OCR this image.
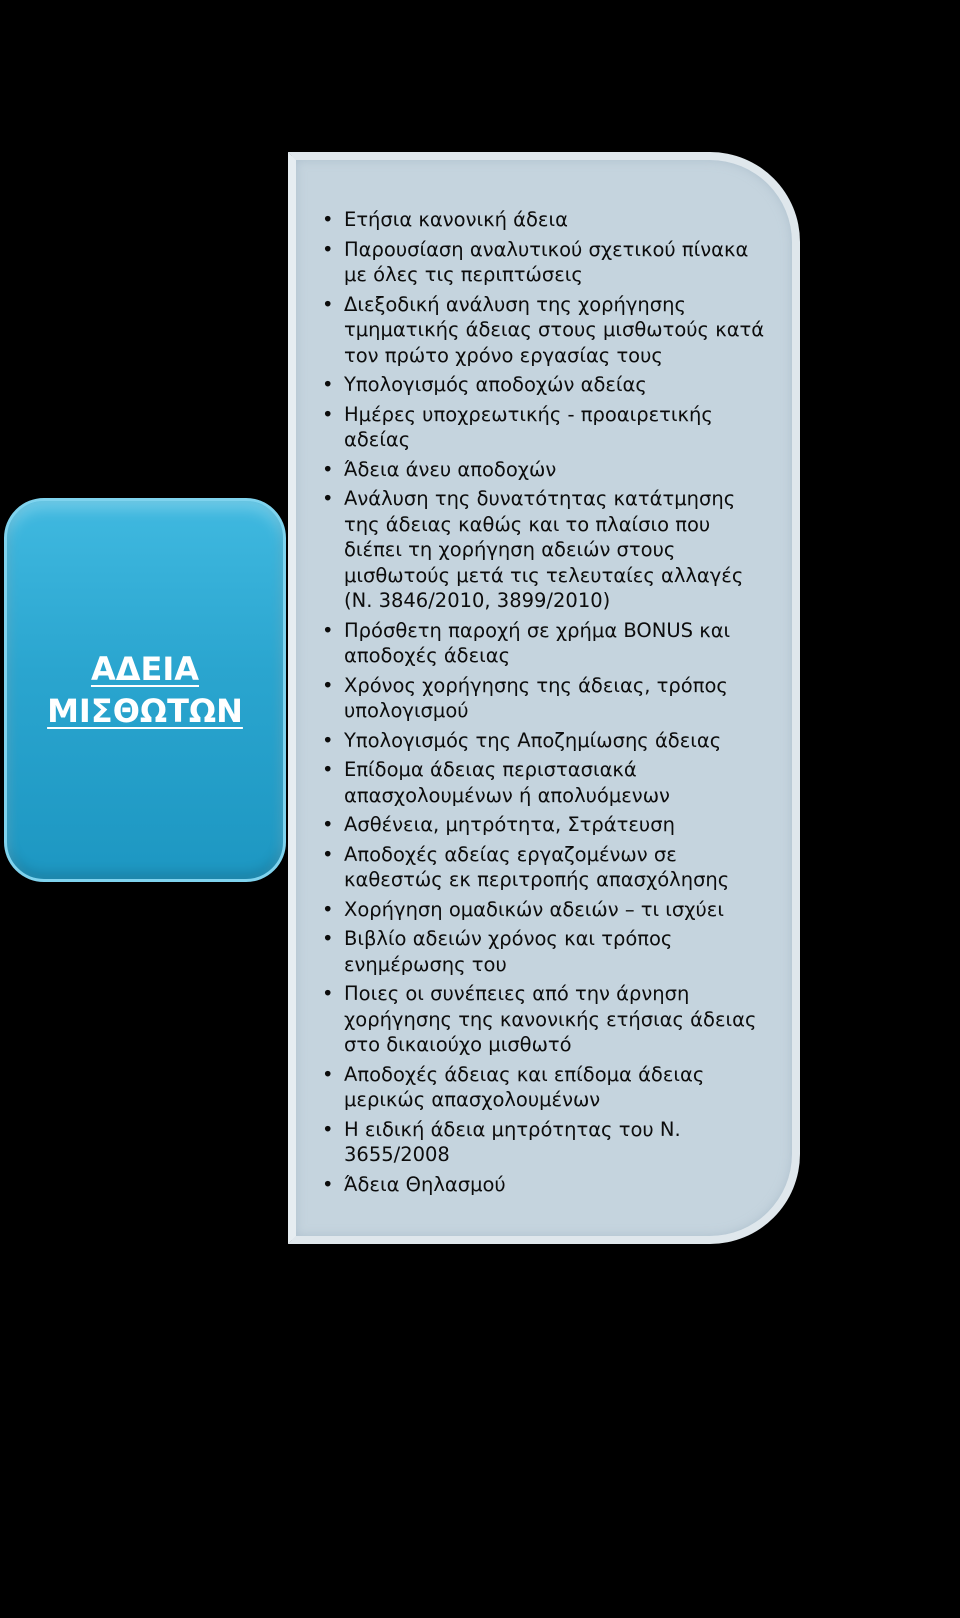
ΑΔΕΙΑ
ΜΙΣΘΩΤΩΝ
• Ετήσια κανονική άδεια
• Παρουσίαση αναλυτικού σχετικού πίνακα με όλες τις περιπτώσεις
• Διεξοδική ανάλυση της χορήγησης τμηματικής άδειας στους μισθωτούς κατά τον πρώτο χρόνο εργασίας τους
• Υπολογισμός αποδοχών αδείας
• Ημέρες υποχρεωτικής - προαιρετικής αδείας
• Άδεια άνευ αποδοχών
• Ανάλυση της δυνατότητας κατάτμησης της άδειας καθώς και το πλαίσιο που διέπει τη χορήγηση αδειών στους μισθωτούς μετά τις τελευταίες αλλαγές (Ν. 3846/2010, 3899/2010)
• Πρόσθετη παροχή σε χρήμα BONUS και αποδοχές άδειας
• Χρόνος χορήγησης της άδειας, τρόπος υπολογισμού
• Υπολογισμός της Αποζημίωσης άδειας
• Επίδομα άδειας περιστασιακά απασχολουμένων ή απολυόμενων
• Ασθένεια, μητρότητα, Στράτευση
• Αποδοχές αδείας εργαζομένων σε καθεστώς εκ περιτροπής απασχόλησης
• Χορήγηση ομαδικών αδειών – τι ισχύει
• Βιβλίο αδειών χρόνος και τρόπος ενημέρωσης του
• Ποιες οι συνέπειες από την άρνηση χορήγησης της κανονικής ετήσιας άδειας στο δικαιούχο μισθωτό
• Αποδοχές άδειας και επίδομα άδειας μερικώς απασχολουμένων
• Η ειδική άδεια μητρότητας του Ν. 3655/2008
• Άδεια Θηλασμού
